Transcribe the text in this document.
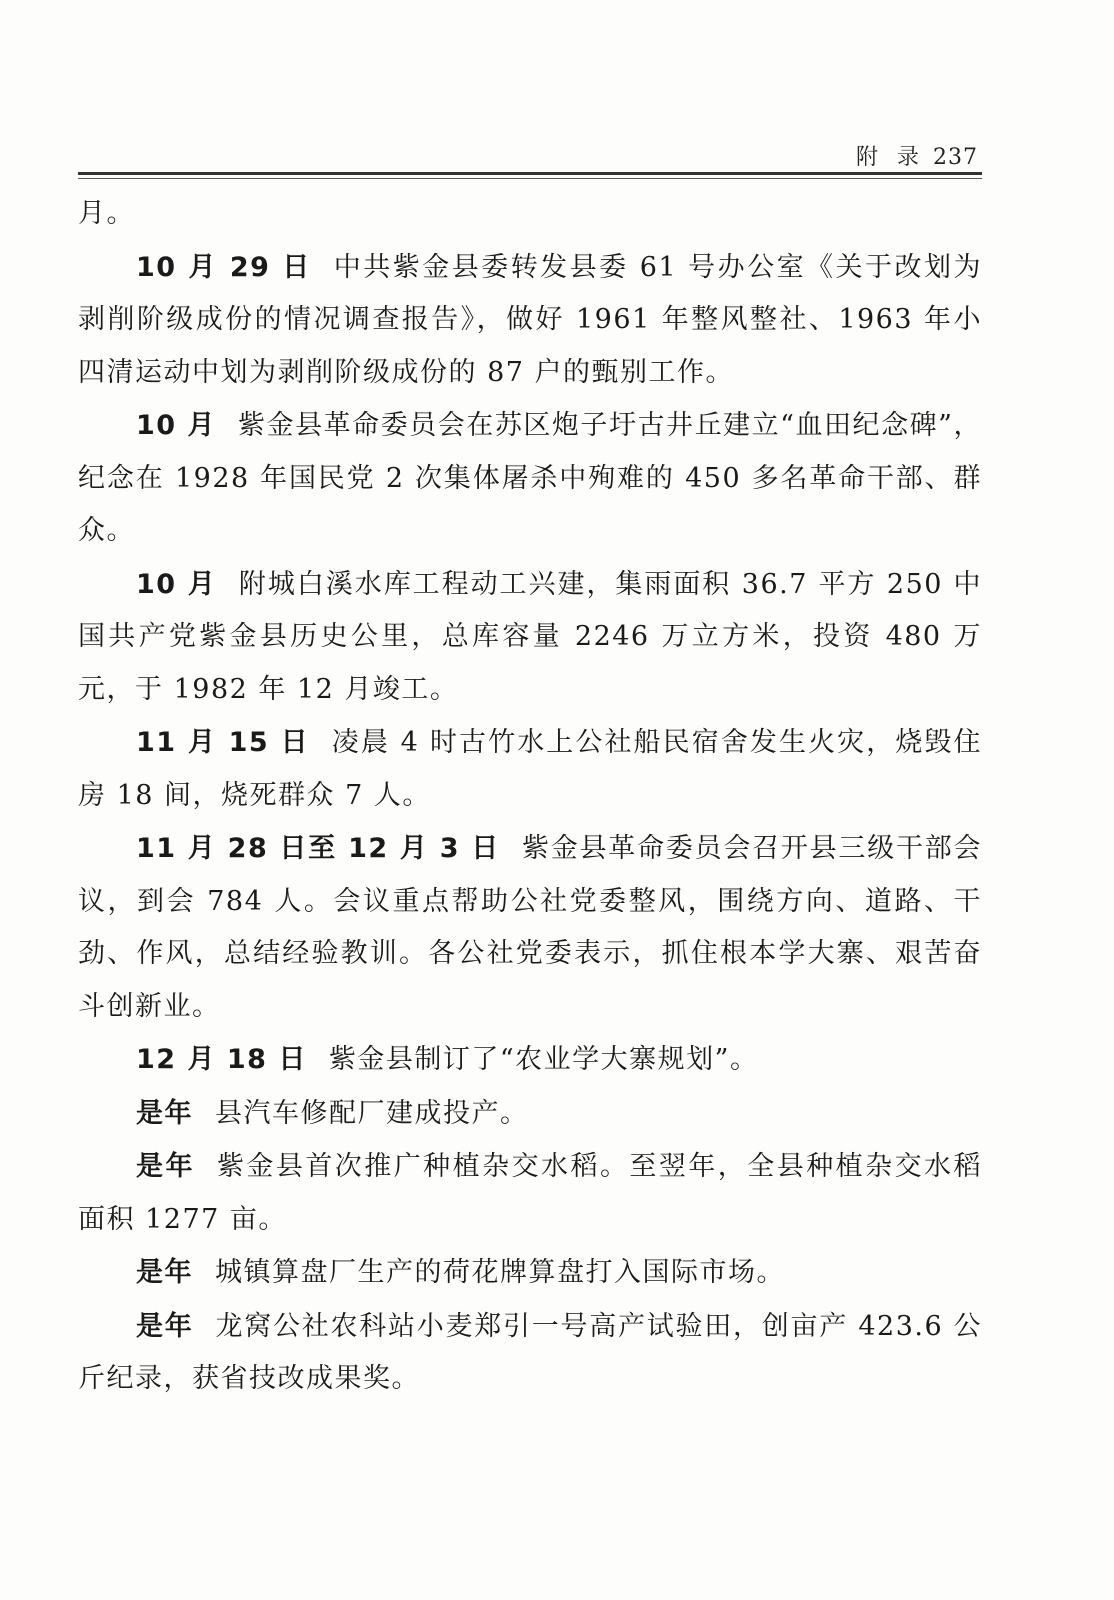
附 录 237

月。

10 月 29 日 中共紫金县委转发县委 61 号办公室《关于改划为剥削阶级成份的情况调查报告》，做好 1961 年整风整社、1963 年小四清运动中划为剥削阶级成份的 87 户的甄别工作。

10 月 紫金县革命委员会在苏区炮子圩古井丘建立“血田纪念碑”，纪念在 1928 年国民党 2 次集体屠杀中殉难的 450 多名革命干部、群众。

10 月 附城白溪水库工程动工兴建，集雨面积 36.7 平方 250 中国共产党紫金县历史公里，总库容量 2246 万立方米，投资 480 万元，于 1982 年 12 月竣工。

11 月 15 日 凌晨 4 时古竹水上公社船民宿舍发生火灾，烧毁住房 18 间，烧死群众 7 人。

11 月 28 日至 12 月 3 日 紫金县革命委员会召开县三级干部会议，到会 784 人。会议重点帮助公社党委整风，围绕方向、道路、干劲、作风，总结经验教训。各公社党委表示，抓住根本学大寨、艰苦奋斗创新业。

12 月 18 日 紫金县制订了“农业学大寨规划”。

是年 县汽车修配厂建成投产。

是年 紫金县首次推广种植杂交水稻。至翌年，全县种植杂交水稻面积 1277 亩。

是年 城镇算盘厂生产的荷花牌算盘打入国际市场。

是年 龙窝公社农科站小麦郑引一号高产试验田，创亩产 423.6 公斤纪录，获省技改成果奖。
